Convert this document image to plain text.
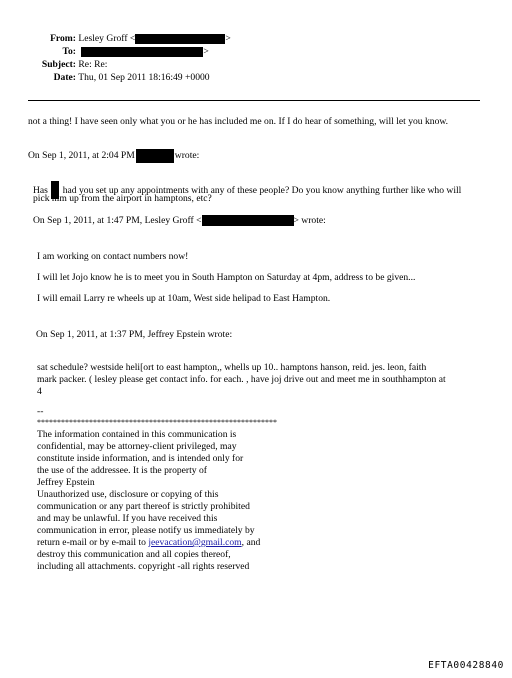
From: Lesley Groff <	>
To:	>
Subject: Re: Re:
Date: Thu, 01 Sep 2011 18:16:49 +0000
not a thing! I have seen only what you or he has included me on. If I do hear of something, will let you know.
On Sep 1, 2011, at 2:04 PM	wrote:
Has had you set up any appointments with any of these people? Do you know anything further like who will
pick him up from the airport in hamptons, etc?
On Sep 1, 2011, at 1:47 PM, Lesley Groff <	> wrote:
I am working on contact numbers now!
I will let Jojo know he is to meet you in South Hampton on Saturday at 4pm, address to be given...
I will email Larry re wheels up at 10am, West side helipad to East Hampton.
On Sep 1, 2011, at 1:37 PM, Jeffrey Epstein wrote:
sat schedule? westside heli[ort to east hampton,, whells up 10.. hamptons hanson, reid. jes. leon, faith
mark packer. ( lesley please get contact info. for each. , have joj drive out and meet me in southhampton at
4
--
************************************************************
The information contained in this communication is
confidential, may be attorney-client privileged, may
constitute inside information, and is intended only for
the use of the addressee. It is the property of
Jeffrey Epstein
Unauthorized use, disclosure or copying of this
communication or any part thereof is strictly prohibited
and may be unlawful. If you have received this
communication in error, please notify us immediately by
return e-mail or by e-mail to jeevacation@gmail.com, and
destroy this communication and all copies thereof,
including all attachments. copyright -all rights reserved
EFTA00428840
